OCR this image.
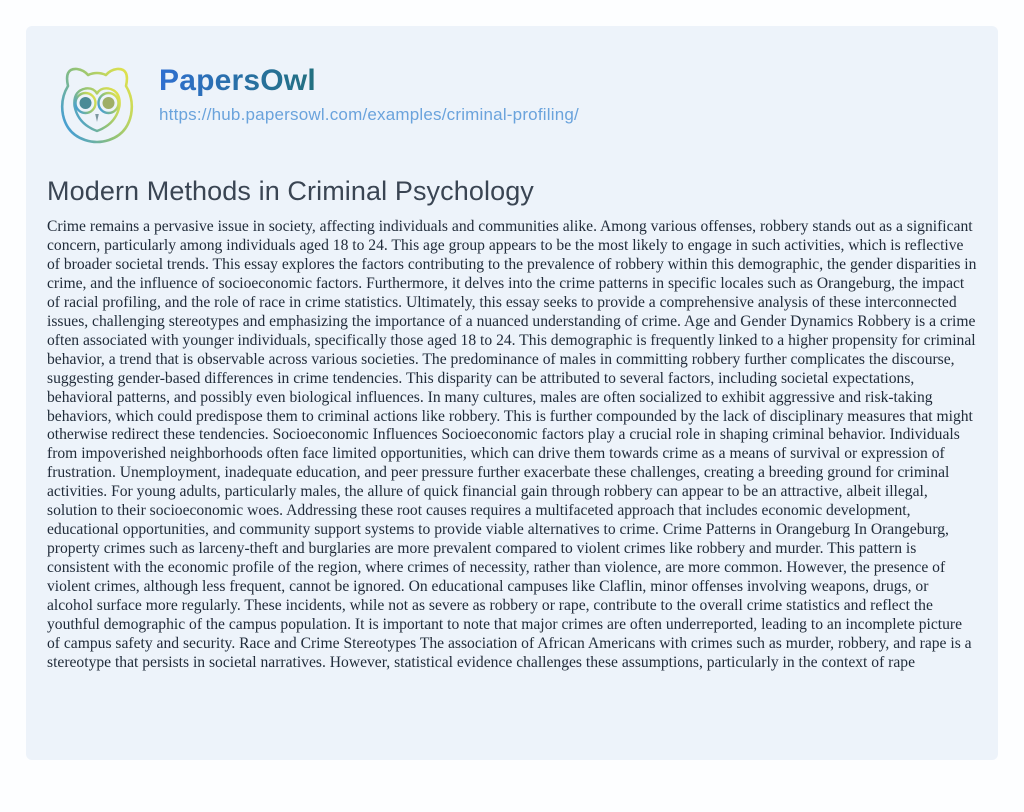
PapersOwl
https://hub.papersowl.com/examples/criminal-profiling/
Modern Methods in Criminal Psychology

Crime remains a pervasive issue in society, affecting individuals and communities alike. Among various offenses, robbery stands out as a significant concern, particularly among individuals aged 18 to 24. This age group appears to be the most likely to engage in such activities, which is reflective of broader societal trends. This essay explores the factors contributing to the prevalence of robbery within this demographic, the gender disparities in crime, and the influence of socioeconomic factors. Furthermore, it delves into the crime patterns in specific locales such as Orangeburg, the impact of racial profiling, and the role of race in crime statistics. Ultimately, this essay seeks to provide a comprehensive analysis of these interconnected issues, challenging stereotypes and emphasizing the importance of a nuanced understanding of crime. Age and Gender Dynamics Robbery is a crime often associated with younger individuals, specifically those aged 18 to 24. This demographic is frequently linked to a higher propensity for criminal behavior, a trend that is observable across various societies. The predominance of males in committing robbery further complicates the discourse, suggesting gender-based differences in crime tendencies. This disparity can be attributed to several factors, including societal expectations, behavioral patterns, and possibly even biological influences. In many cultures, males are often socialized to exhibit aggressive and risk-taking behaviors, which could predispose them to criminal actions like robbery. This is further compounded by the lack of disciplinary measures that might otherwise redirect these tendencies. Socioeconomic Influences Socioeconomic factors play a crucial role in shaping criminal behavior. Individuals from impoverished neighborhoods often face limited opportunities, which can drive them towards crime as a means of survival or expression of frustration. Unemployment, inadequate education, and peer pressure further exacerbate these challenges, creating a breeding ground for criminal activities. For young adults, particularly males, the allure of quick financial gain through robbery can appear to be an attractive, albeit illegal, solution to their socioeconomic woes. Addressing these root causes requires a multifaceted approach that includes economic development, educational opportunities, and community support systems to provide viable alternatives to crime. Crime Patterns in Orangeburg In Orangeburg, property crimes such as larceny-theft and burglaries are more prevalent compared to violent crimes like robbery and murder. This pattern is consistent with the economic profile of the region, where crimes of necessity, rather than violence, are more common. However, the presence of violent crimes, although less frequent, cannot be ignored. On educational campuses like Claflin, minor offenses involving weapons, drugs, or alcohol surface more regularly. These incidents, while not as severe as robbery or rape, contribute to the overall crime statistics and reflect the youthful demographic of the campus population. It is important to note that major crimes are often underreported, leading to an incomplete picture of campus safety and security. Race and Crime Stereotypes The association of African Americans with crimes such as murder, robbery, and rape is a stereotype that persists in societal narratives. However, statistical evidence challenges these assumptions, particularly in the context of rape
